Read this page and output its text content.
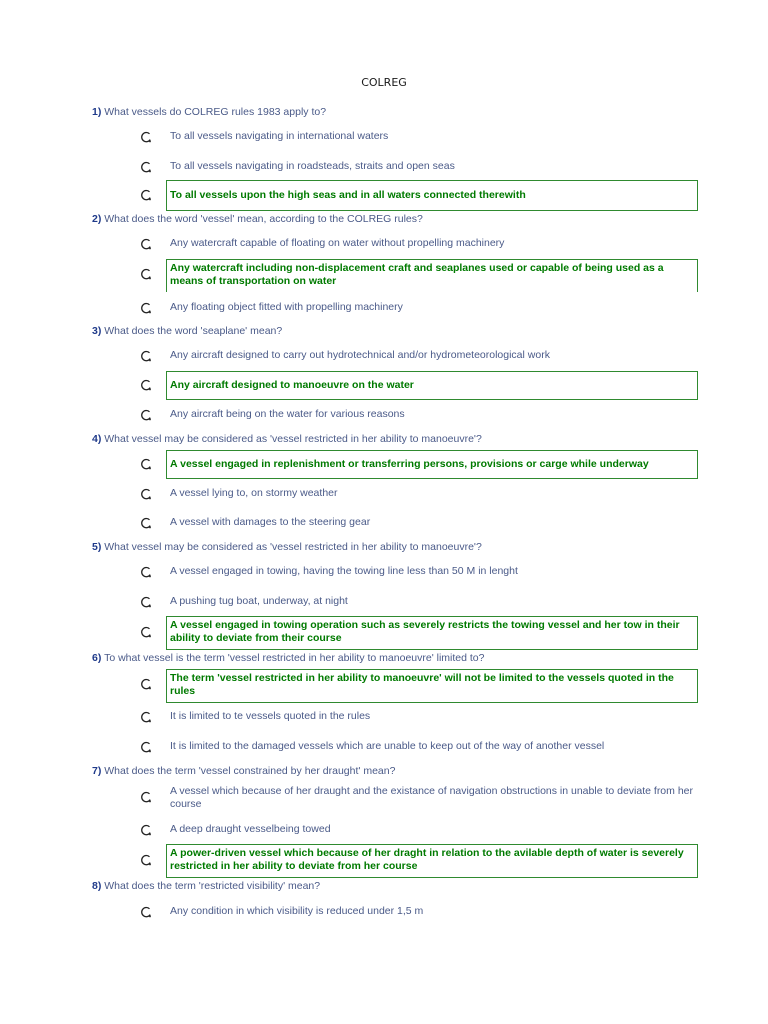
COLREG
1) What vessels do COLREG rules 1983 apply to?
To all vessels navigating in international waters
To all vessels navigating in roadsteads, straits and open seas
To all vessels upon the high seas and in all waters connected therewith
2) What does the word 'vessel' mean, according to the COLREG rules?
Any watercraft capable of floating on water without propelling machinery
Any watercraft including non-displacement craft and seaplanes used or capable of being used as a means of transportation on water
Any floating object fitted with propelling machinery
3) What does the word 'seaplane' mean?
Any aircraft designed to carry out hydrotechnical and/or hydrometeorological work
Any aircraft designed to manoeuvre on the water
Any aircraft being on the water for various reasons
4) What vessel may be considered as 'vessel restricted in her ability to manoeuvre'?
A vessel engaged in replenishment or transferring persons, provisions or carge while underway
A vessel lying to, on stormy weather
A vessel with damages to the steering gear
5) What vessel may be considered as 'vessel restricted in her ability to manoeuvre'?
A vessel engaged in towing, having the towing line less than 50 M in lenght
A pushing tug boat, underway, at night
A vessel engaged in towing operation such as severely restricts the towing vessel and her tow in their ability to deviate from their course
6) To what vessel is the term 'vessel restricted in her ability to manoeuvre' limited to?
The term 'vessel restricted in her ability to manoeuvre' will not be limited to the vessels quoted in the rules
It is limited to te vessels quoted in the rules
It is limited to the damaged vessels which are unable to keep out of the way of another vessel
7) What does the term 'vessel constrained by her draught' mean?
A vessel which because of her draught and the existance of navigation obstructions in unable to deviate from her course
A deep draught vesselbeing towed
A power-driven vessel which because of her draght in relation to the avilable depth of water is severely restricted in her ability to deviate from her course
8) What does the term 'restricted visibility' mean?
Any condition in which visibility is reduced under 1,5 m
